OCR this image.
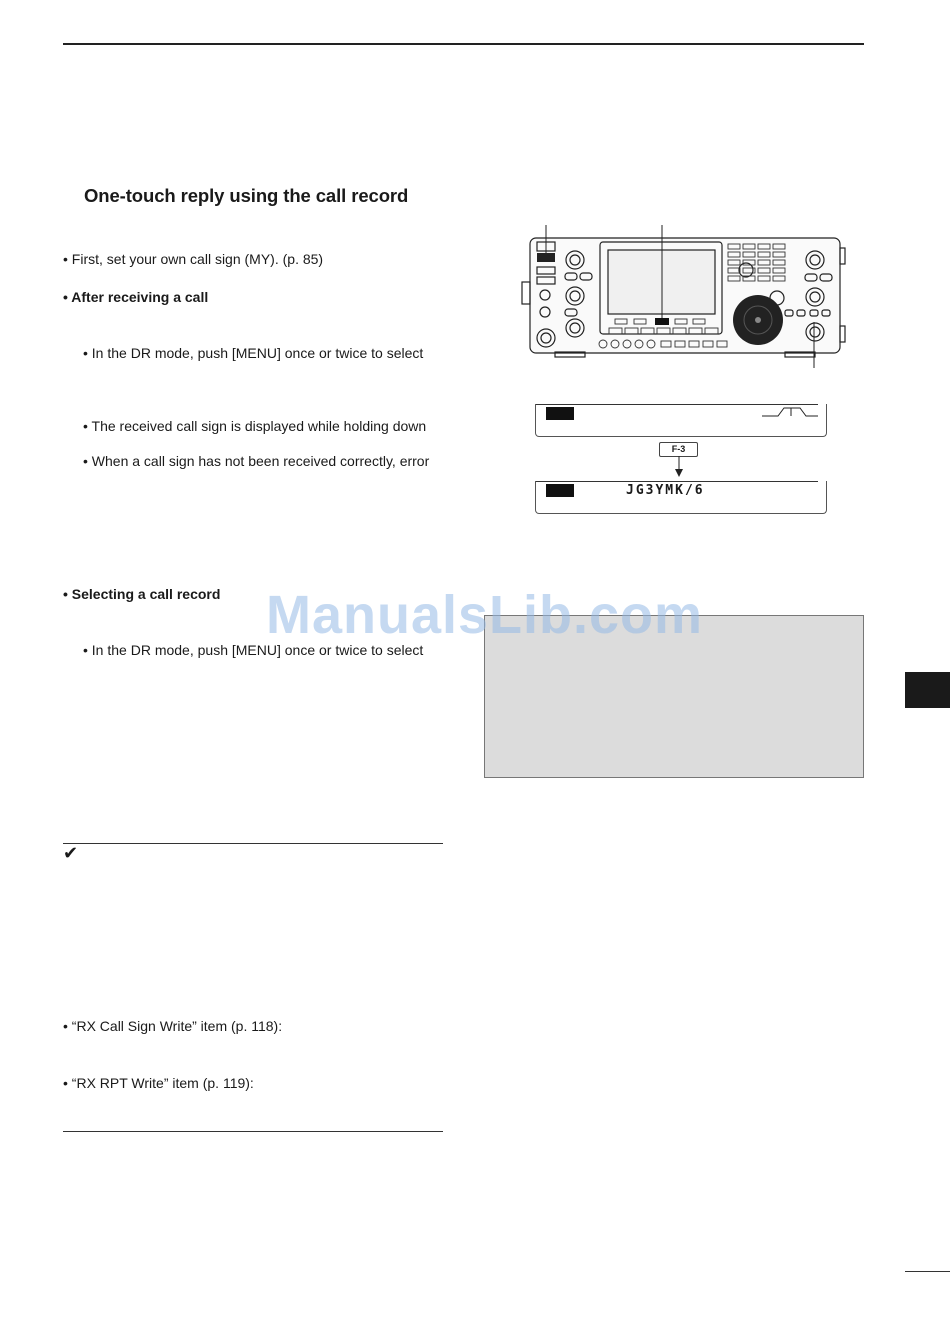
One-touch reply using the call record
• First, set your own call sign (MY). (p. 85)
• After receiving a call
• In the DR mode, push [MENU] once or twice to select
• The received call sign is displayed while holding down
• When a call sign has not been received correctly, error
• Selecting a call record
• In the DR mode, push [MENU] once or twice to select
✔
• “RX Call Sign Write” item (p. 118):
• “RX RPT Write” item (p. 119):
F-3
JG3YMK/6
ManualsLib.com
